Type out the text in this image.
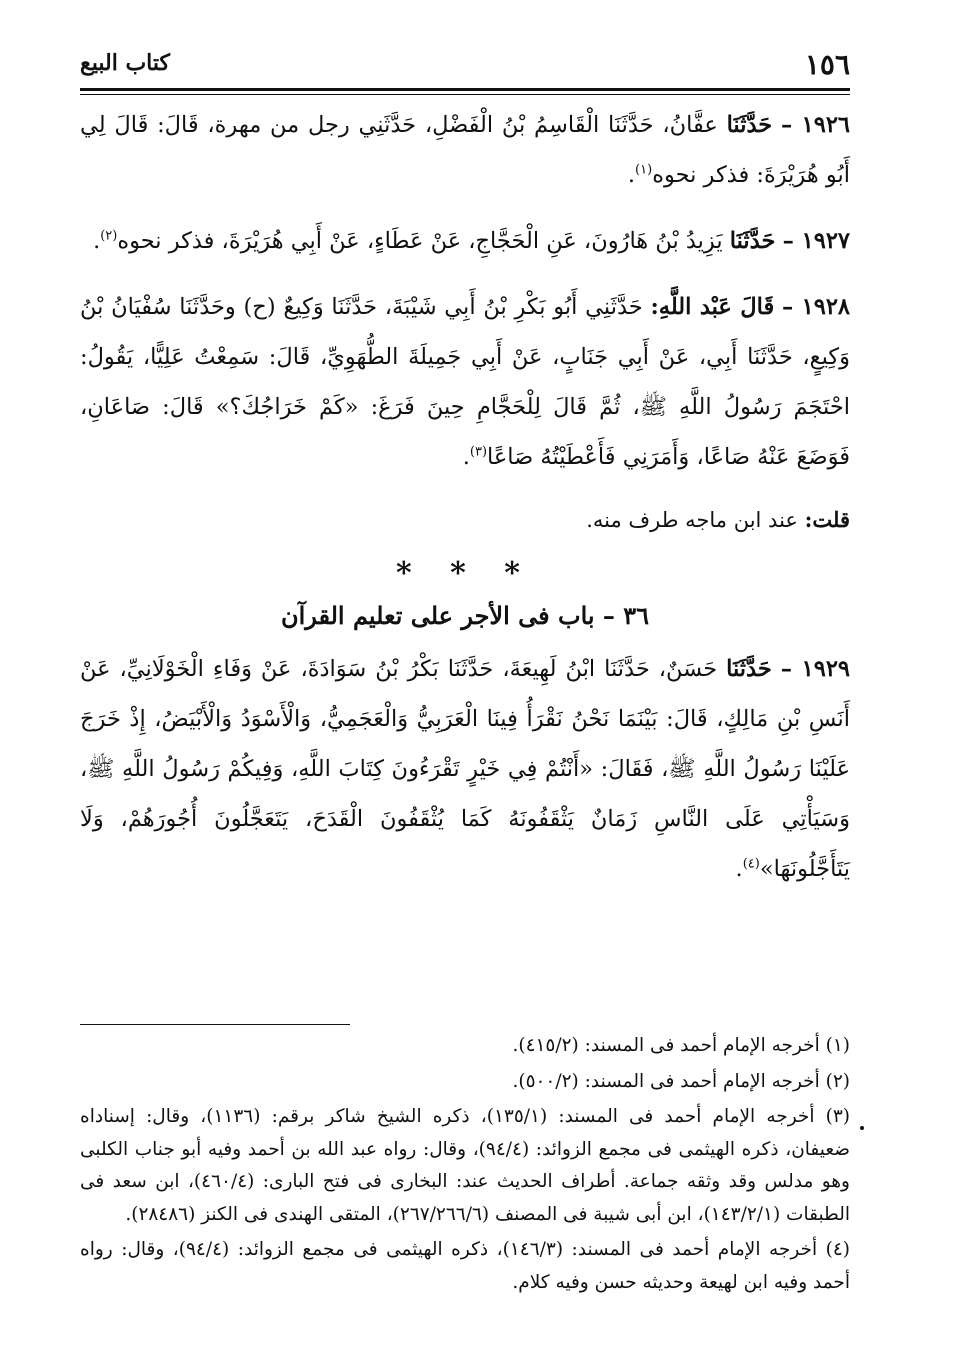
١٥٦
كتاب البيع

١٩٢٦ – حَدَّثَنَا عفَّانُ، حَدَّثَنَا الْقَاسِمُ بْنُ الْفَضْلِ، حَدَّثَنِي رجل من مهرة، قَالَ: قَالَ لِي أَبُو هُرَيْرَةَ: فذكر نحوه$^{(١)}$.

١٩٢٧ – حَدَّثَنَا يَزِيدُ بْنُ هَارُونَ، عَنِ الْحَجَّاجِ، عَنْ عَطَاءٍ، عَنْ أَبِي هُرَيْرَةَ، فذكر نحوه$^{(٢)}$.

١٩٢٨ – قَالَ عَبْد اللَّهِ: حَدَّثَنِي أَبُو بَكْرِ بْنُ أَبِي شَيْبَةَ، حَدَّثَنَا وَكِيعٌ (ح) وحَدَّثَنَا سُفْيَانُ بْنُ وَكِيعٍ، حَدَّثَنَا أَبِي، عَنْ أَبِي جَنَابٍ، عَنْ أَبِي جَمِيلَةَ الطُّهَوِيِّ، قَالَ: سَمِعْتُ عَلِيًّا، يَقُولُ: احْتَجَمَ رَسُولُ اللَّهِ ﷺ، ثُمَّ قَالَ لِلْحَجَّامِ حِينَ فَرَغَ: «كَمْ خَرَاجُكَ؟» قَالَ: صَاعَانِ، فَوَضَعَ عَنْهُ صَاعًا، وَأَمَرَنِي فَأَعْطَيْتُهُ صَاعًا$^{(٣)}$.

قلت: عند ابن ماجه طرف منه.

* * *
٣٦ – باب فى الأجر على تعليم القرآن

١٩٢٩ – حَدَّثَنَا حَسَنٌ، حَدَّثَنَا ابْنُ لَهِيعَةَ، حَدَّثَنَا بَكْرُ بْنُ سَوَادَةَ، عَنْ وَفَاءِ الْخَوْلَانِيِّ، عَنْ أَنَسِ بْنِ مَالِكٍ، قَالَ: بَيْنَمَا نَحْنُ نَقْرَأُ فِينَا الْعَرَبِيُّ وَالْعَجَمِيُّ، وَالْأَسْوَدُ وَالْأَبْيَضُ، إِذْ خَرَجَ عَلَيْنَا رَسُولُ اللَّهِ ﷺ، فَقَالَ: «أَنْتُمْ فِي خَيْرٍ تَقْرَءُونَ كِتَابَ اللَّهِ، وَفِيكُمْ رَسُولُ اللَّهِ ﷺ، وَسَيَأْتِي عَلَى النَّاسِ زَمَانٌ يَثْقَفُونَهُ كَمَا يُثْقَفُونَ الْقَدَحَ، يَتَعَجَّلُونَ أُجُورَهُمْ، وَلَا يَتَأَجَّلُونَهَا»$^{(٤)}$.

(١) أخرجه الإمام أحمد فى المسند: (٤١٥/٢).

(٢) أخرجه الإمام أحمد فى المسند: (٥٠٠/٢).

(٣) أخرجه الإمام أحمد فى المسند: (١٣٥/١)، ذكره الشيخ شاكر برقم: (١١٣٦)، وقال: إسناداه ضعيفان، ذكره الهيثمى فى مجمع الزوائد: (٩٤/٤)، وقال: رواه عبد الله بن أحمد وفيه أبو جناب الكلبى وهو مدلس وقد وثقه جماعة. أطراف الحديث عند: البخارى فى فتح البارى: (٤٦٠/٤)، ابن سعد فى الطبقات (١٤٣/٢/١)، ابن أبى شيبة فى المصنف (٢٦٧/٢٦٦/٦)، المتقى الهندى فى الكنز (٢٨٤٨٦).

(٤) أخرجه الإمام أحمد فى المسند: (١٤٦/٣)، ذكره الهيثمى فى مجمع الزوائد: (٩٤/٤)، وقال: رواه أحمد وفيه ابن لهيعة وحديثه حسن وفيه كلام.
